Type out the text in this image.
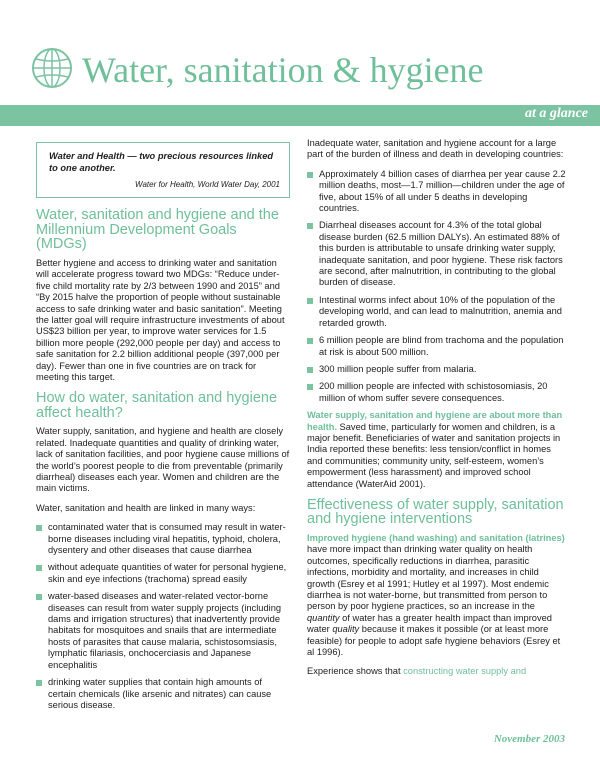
Water, sanitation & hygiene
at a glance
Water and Health — two precious resources linked to one another.
Water for Health, World Water Day, 2001
Water, sanitation and hygiene and the Millennium Development Goals (MDGs)

Better hygiene and access to drinking water and sanitation will accelerate progress toward two MDGs: “Reduce under-five child mortality rate by 2/3 between 1990 and 2015” and “By 2015 halve the proportion of people without sustainable access to safe drinking water and basic sanitation”. Meeting the latter goal will require infrastructure investments of about US$23 billion per year, to improve water services for 1.5 billion more people (292,000 people per day) and access to safe sanitation for 2.2 billion additional people (397,000 per day). Fewer than one in five countries are on track for meeting this target.

How do water, sanitation and hygiene affect health?

Water supply, sanitation, and hygiene and health are closely related. Inadequate quantities and quality of drinking water, lack of sanitation facilities, and poor hygiene cause millions of the world’s poorest people to die from preventable (primarily diarrheal) diseases each year. Women and children are the main victims.

Water, sanitation and health are linked in many ways:

contaminated water that is consumed may result in water-borne diseases including viral hepatitis, typhoid, cholera, dysentery and other diseases that cause diarrhea
without adequate quantities of water for personal hygiene, skin and eye infections (trachoma) spread easily
water-based diseases and water-related vector-borne diseases can result from water supply projects (including dams and irrigation structures) that inadvertently provide habitats for mosquitoes and snails that are intermediate hosts of parasites that cause malaria, schistosomsiasis, lymphatic filariasis, onchocerciasis and Japanese encephalitis
drinking water supplies that contain high amounts of certain chemicals (like arsenic and nitrates) can cause serious disease.

Inadequate water, sanitation and hygiene account for a large part of the burden of illness and death in developing countries:

Approximately 4 billion cases of diarrhea per year cause 2.2 million deaths, most—1.7 million—children under the age of five, about 15% of all under 5 deaths in developing countries.
Diarrheal diseases account for 4.3% of the total global disease burden (62.5 million DALYs). An estimated 88% of this burden is attributable to unsafe drinking water supply, inadequate sanitation, and poor hygiene. These risk factors are second, after malnutrition, in contributing to the global burden of disease.
Intestinal worms infect about 10% of the population of the developing world, and can lead to malnutrition, anemia and retarded growth.
6 million people are blind from trachoma and the population at risk is about 500 million.
300 million people suffer from malaria.
200 million people are infected with schistosomiasis, 20 million of whom suffer severe consequences.

Water supply, sanitation and hygiene are about more than health. Saved time, particularly for women and children, is a major benefit. Beneficiaries of water and sanitation projects in India reported these benefits: less tension/conflict in homes and communities; community unity, self-esteem, women’s empowerment (less harassment) and improved school attendance (WaterAid 2001).

Effectiveness of water supply, sanitation and hygiene interventions

Improved hygiene (hand washing) and sanitation (latrines) have more impact than drinking water quality on health outcomes, specifically reductions in diarrhea, parasitic infections, morbidity and mortality, and increases in child growth (Esrey et al 1991; Hutley et al 1997). Most endemic diarrhea is not water-borne, but transmitted from person to person by poor hygiene practices, so an increase in the quantity of water has a greater health impact than improved water quality because it makes it possible (or at least more feasible) for people to adopt safe hygiene behaviors (Esrey et al 1996).

Experience shows that constructing water supply and

November 2003
